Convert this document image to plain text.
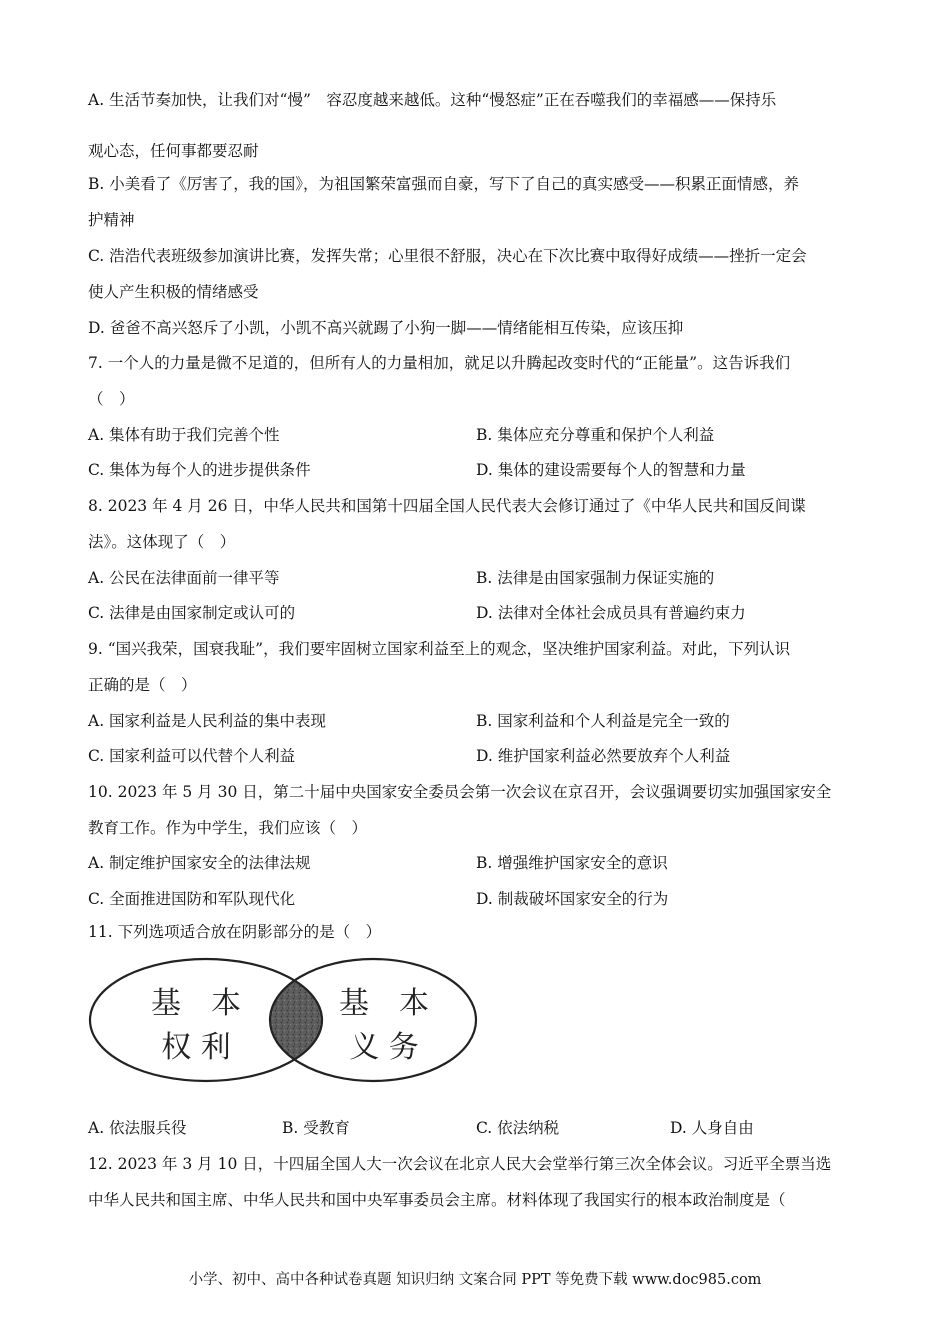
A. 生活节奏加快，让我们对“慢”　容忍度越来越低。这种“慢怒症”正在吞噬我们的幸福感——保持乐
观心态，任何事都要忍耐
B. 小美看了《厉害了，我的国》，为祖国繁荣富强而自豪，写下了自己的真实感受——积累正面情感，养
护精神
C. 浩浩代表班级参加演讲比赛，发挥失常；心里很不舒服，决心在下次比赛中取得好成绩——挫折一定会
使人产生积极的情绪感受
D. 爸爸不高兴怒斥了小凯，小凯不高兴就踢了小狗一脚——情绪能相互传染，应该压抑
7. 一个人的力量是微不足道的，但所有人的力量相加，就足以升腾起改变时代的“正能量”。这告诉我们
（　）
A. 集体有助于我们完善个性	B. 集体应充分尊重和保护个人利益
C. 集体为每个人的进步提供条件	D. 集体的建设需要每个人的智慧和力量
8. 2023 年 4 月 26 日，中华人民共和国第十四届全国人民代表大会修订通过了《中华人民共和国反间谍
法》。这体现了（　）
A. 公民在法律面前一律平等	B. 法律是由国家强制力保证实施的
C. 法律是由国家制定或认可的	D. 法律对全体社会成员具有普遍约束力
9. “国兴我荣，国衰我耻”，我们要牢固树立国家利益至上的观念，坚决维护国家利益。对此，下列认识
正确的是（　）
A. 国家利益是人民利益的集中表现	B. 国家利益和个人利益是完全一致的
C. 国家利益可以代替个人利益	D. 维护国家利益必然要放弃个人利益
10. 2023 年 5 月 30 日，第二十届中央国家安全委员会第一次会议在京召开，会议强调要切实加强国家安全
教育工作。作为中学生，我们应该（　）
A. 制定维护国家安全的法律法规	B. 增强维护国家安全的意识
C. 全面推进国防和军队现代化	D. 制裁破坏国家安全的行为
11. 下列选项适合放在阴影部分的是（　）
基　本
权 利
基　本
义 务
A. 依法服兵役	B. 受教育	C. 依法纳税	D. 人身自由
12. 2023 年 3 月 10 日，十四届全国人大一次会议在北京人民大会堂举行第三次全体会议。习近平全票当选
中华人民共和国主席、中华人民共和国中央军事委员会主席。材料体现了我国实行的根本政治制度是（
小学、初中、高中各种试卷真题 知识归纳 文案合同 PPT 等免费下载 www.doc985.com
